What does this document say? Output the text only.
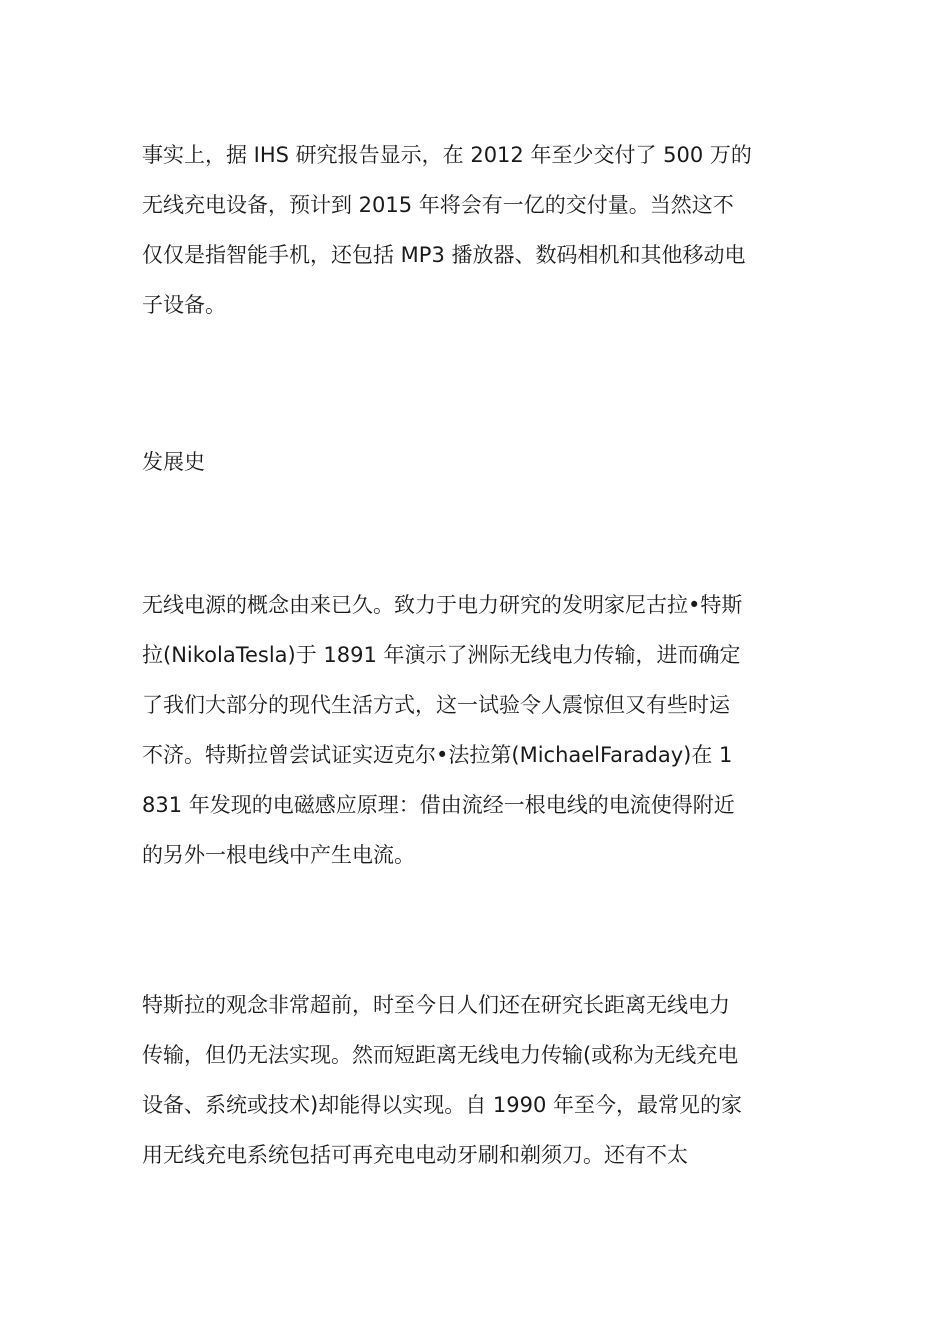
事实上，据 IHS 研究报告显示，在 2012 年至少交付了 500 万的
无线充电设备，预计到 2015 年将会有一亿的交付量。当然这不
仅仅是指智能手机，还包括 MP3 播放器、数码相机和其他移动电
子设备。

发展史

无线电源的概念由来已久。致力于电力研究的发明家尼古拉•特斯
拉(NikolaTesla)于 1891 年演示了洲际无线电力传输，进而确定
了我们大部分的现代生活方式，这一试验令人震惊但又有些时运
不济。特斯拉曾尝试证实迈克尔•法拉第(MichaelFaraday)在 1
831 年发现的电磁感应原理：借由流经一根电线的电流使得附近
的另外一根电线中产生电流。

特斯拉的观念非常超前，时至今日人们还在研究长距离无线电力
传输，但仍无法实现。然而短距离无线电力传输(或称为无线充电
设备、系统或技术)却能得以实现。自 1990 年至今，最常见的家
用无线充电系统包括可再充电电动牙刷和剃须刀。还有不太
